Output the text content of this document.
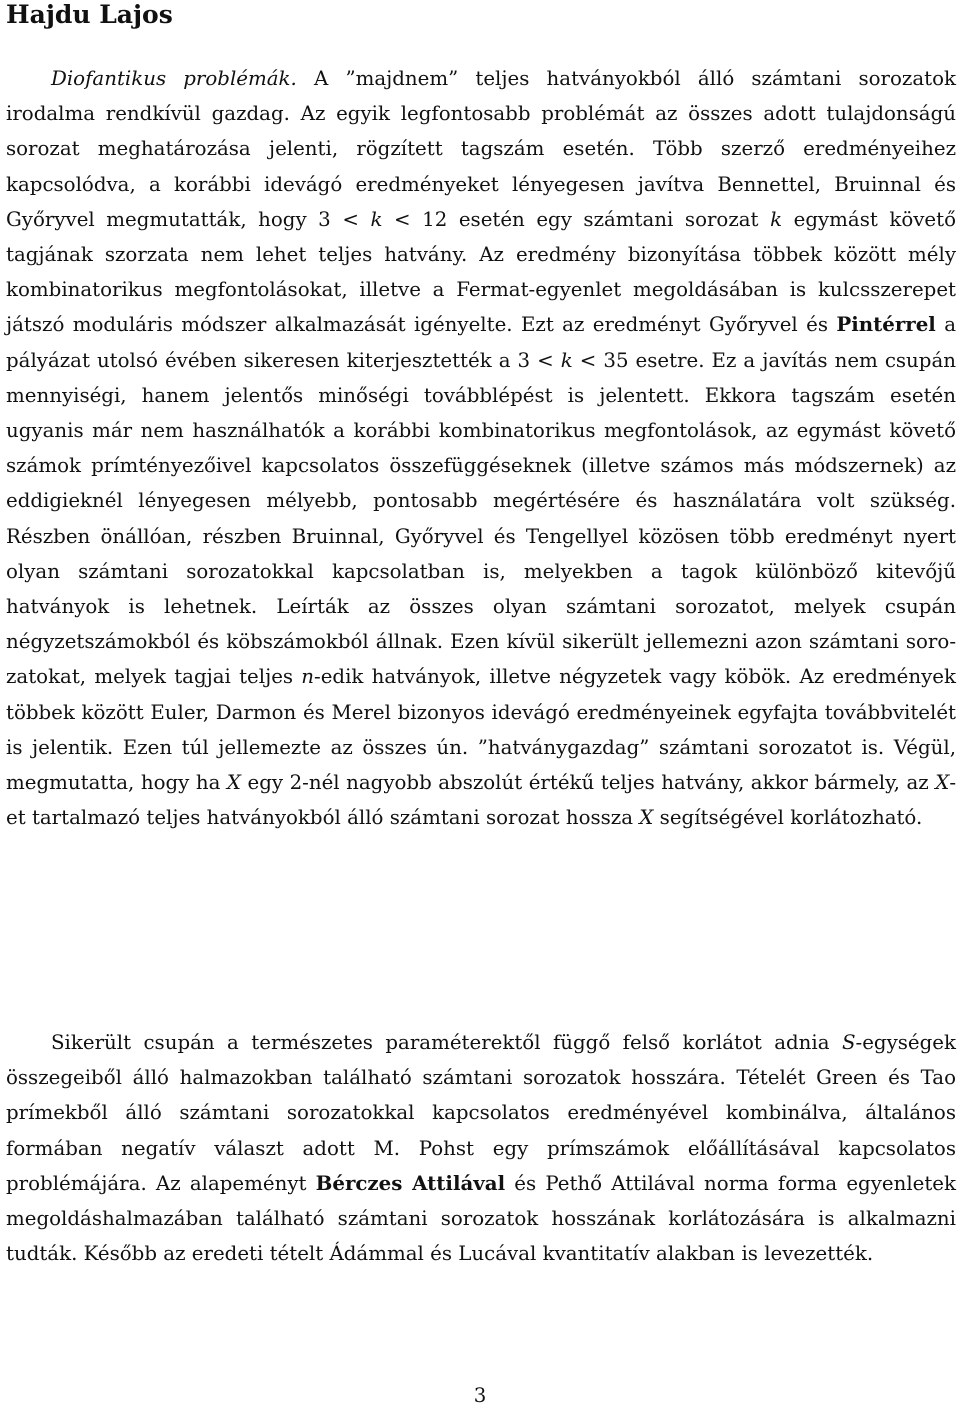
Hajdu Lajos

Diofantikus problémák. A ”majdnem” teljes hatványokból álló számtani sorozatok irodalma rendkívül gazdag. Az egyik legfontosabb problémát az összes adott tulajdonságú sorozat meghatározása jelenti, rögzített tagszám esetén. Több szerző eredményeihez kapcsolódva, a korábbi idevágó eredményeket lényegesen javítva Bennettel, Bruinnal és Győryvel megmutatták, hogy 3 < k < 12 esetén egy számtani sorozat k egymást követő tagjának szorzata nem lehet teljes hatvány. Az eredmény bizonyítása többek között mély kombinatorikus megfontolásokat, illetve a Fermat-egyenlet megoldásában is kulcsszerepet játszó moduláris módszer alkalmazását igényelte. Ezt az eredményt Győryvel és Pintérrel a pályázat utolsó évében sikeresen kiterjesztették a 3 < k < 35 esetre. Ez a javítás nem csupán mennyiségi, hanem jelentős minőségi továbblépést is jelentett. Ekkora tagszám esetén ugyanis már nem használhatók a korábbi kombinatorikus megfontolások, az egymást követő számok prímtényezőivel kapcsolatos összefüggéseknek (illetve számos más módszernek) az eddigieknél lényegesen mélyebb, pontosabb megértésére és használatára volt szükség. Részben önállóan, részben Bruinnal, Győryvel és Tengellyel közösen több eredményt nyert olyan számtani sorozatokkal kapcsolatban is, melyekben a tagok különböző kitevőjű hatványok is lehetnek. Leírták az összes olyan számtani sorozatot, melyek csupán négyzetszámokból és köbszámokból állnak. Ezen kívül sikerült jellemezni azon számtani sorozatokat, melyek tagjai teljes n-edik hatványok, illetve négyzetek vagy köbök. Az eredmények többek között Euler, Darmon és Merel bizonyos idevágó eredményeinek egyfajta továbbvitelét is jelentik. Ezen túl jellemezte az összes ún. ”hatványgazdag” számtani sorozatot is. Végül, megmutatta, hogy ha X egy 2-nél nagyobb abszolút értékű teljes hatvány, akkor bármely, az X-et tartalmazó teljes hatványokból álló számtani sorozat hossza X segítségével korlátozható.

Sikerült csupán a természetes paraméterektől függő felső korlátot adnia S-egységek összegeiből álló halmazokban található számtani sorozatok hosszára. Tételét Green és Tao prímekből álló számtani sorozatokkal kapcsolatos eredményével kombinálva, általános formában negatív választ adott M. Pohst egy prímszámok előállításával kapcsolatos problémájára. Az alapeményt Bérczes Attilával és Pethő Attilával norma forma egyenletek megoldáshalmazában található számtani sorozatok hosszának korlátozására is alkalmazni tudták. Később az eredeti tételt Ádámmal és Lucával kvantitatív alakban is levezették.

3
